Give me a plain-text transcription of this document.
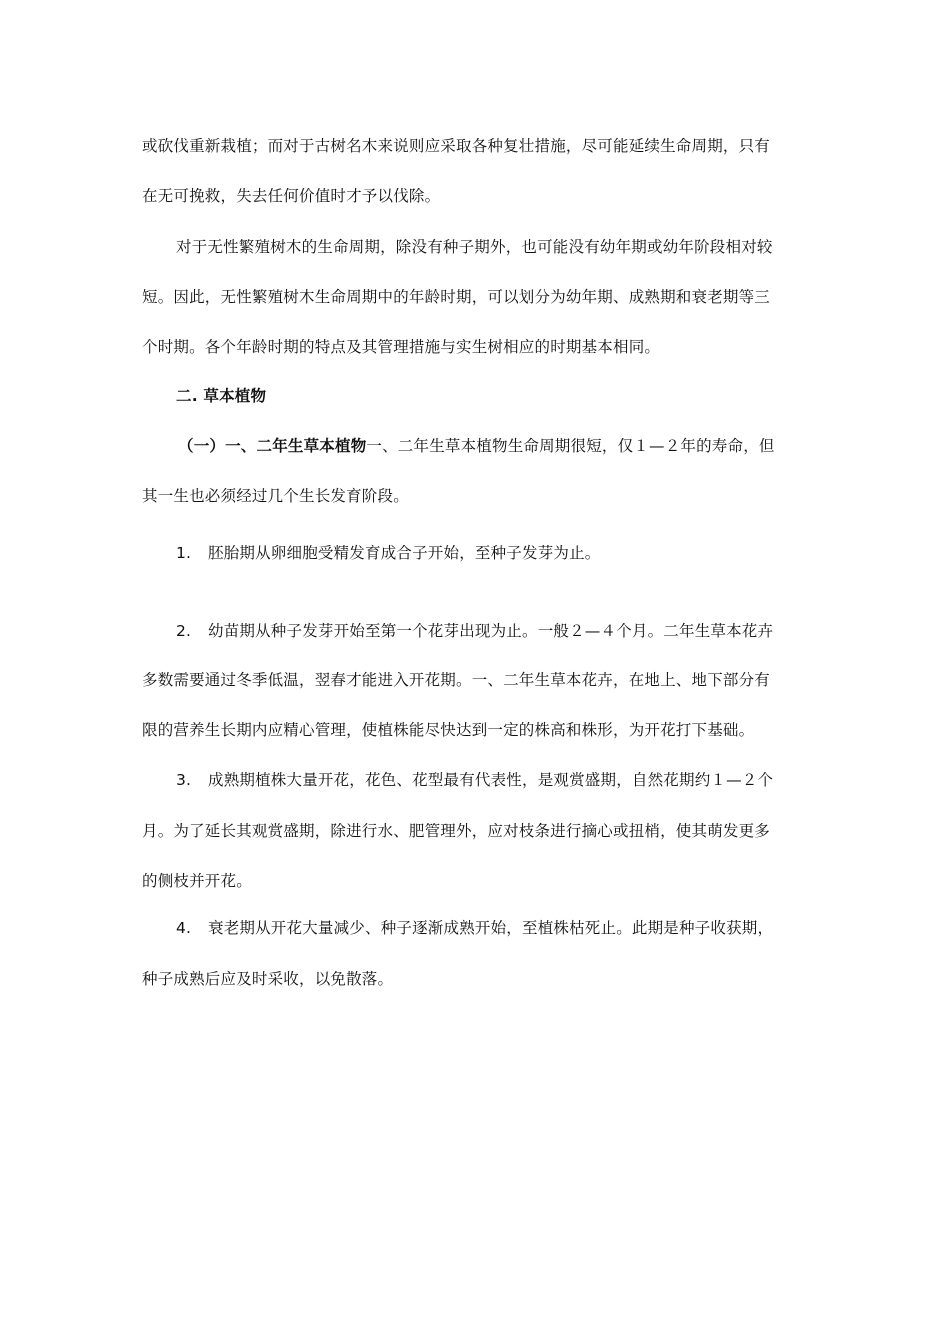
或砍伐重新栽植；而对于古树名木来说则应采取各种复壮措施，尽可能延续生命周期，只有
在无可挽救，失去任何价值时才予以伐除。
对于无性繁殖树木的生命周期，除没有种子期外，也可能没有幼年期或幼年阶段相对较
短。因此，无性繁殖树木生命周期中的年龄时期，可以划分为幼年期、成熟期和衰老期等三
个时期。各个年龄时期的特点及其管理措施与实生树相应的时期基本相同。
二. 草本植物
（一）一、二年生草本植物一、二年生草本植物生命周期很短，仅１—２年的寿命，但
其一生也必须经过几个生长发育阶段。
1. 胚胎期从卵细胞受精发育成合子开始，至种子发芽为止。
2. 幼苗期从种子发芽开始至第一个花芽出现为止。一般２—４个月。二年生草本花卉
多数需要通过冬季低温，翌春才能进入开花期。一、二年生草本花卉，在地上、地下部分有
限的营养生长期内应精心管理，使植株能尽快达到一定的株高和株形，为开花打下基础。
3. 成熟期植株大量开花，花色、花型最有代表性，是观赏盛期，自然花期约１—２个
月。为了延长其观赏盛期，除进行水、肥管理外，应对枝条进行摘心或扭梢，使其萌发更多
的侧枝并开花。
4. 衰老期从开花大量减少、种子逐渐成熟开始，至植株枯死止。此期是种子收获期，
种子成熟后应及时采收，以免散落。
